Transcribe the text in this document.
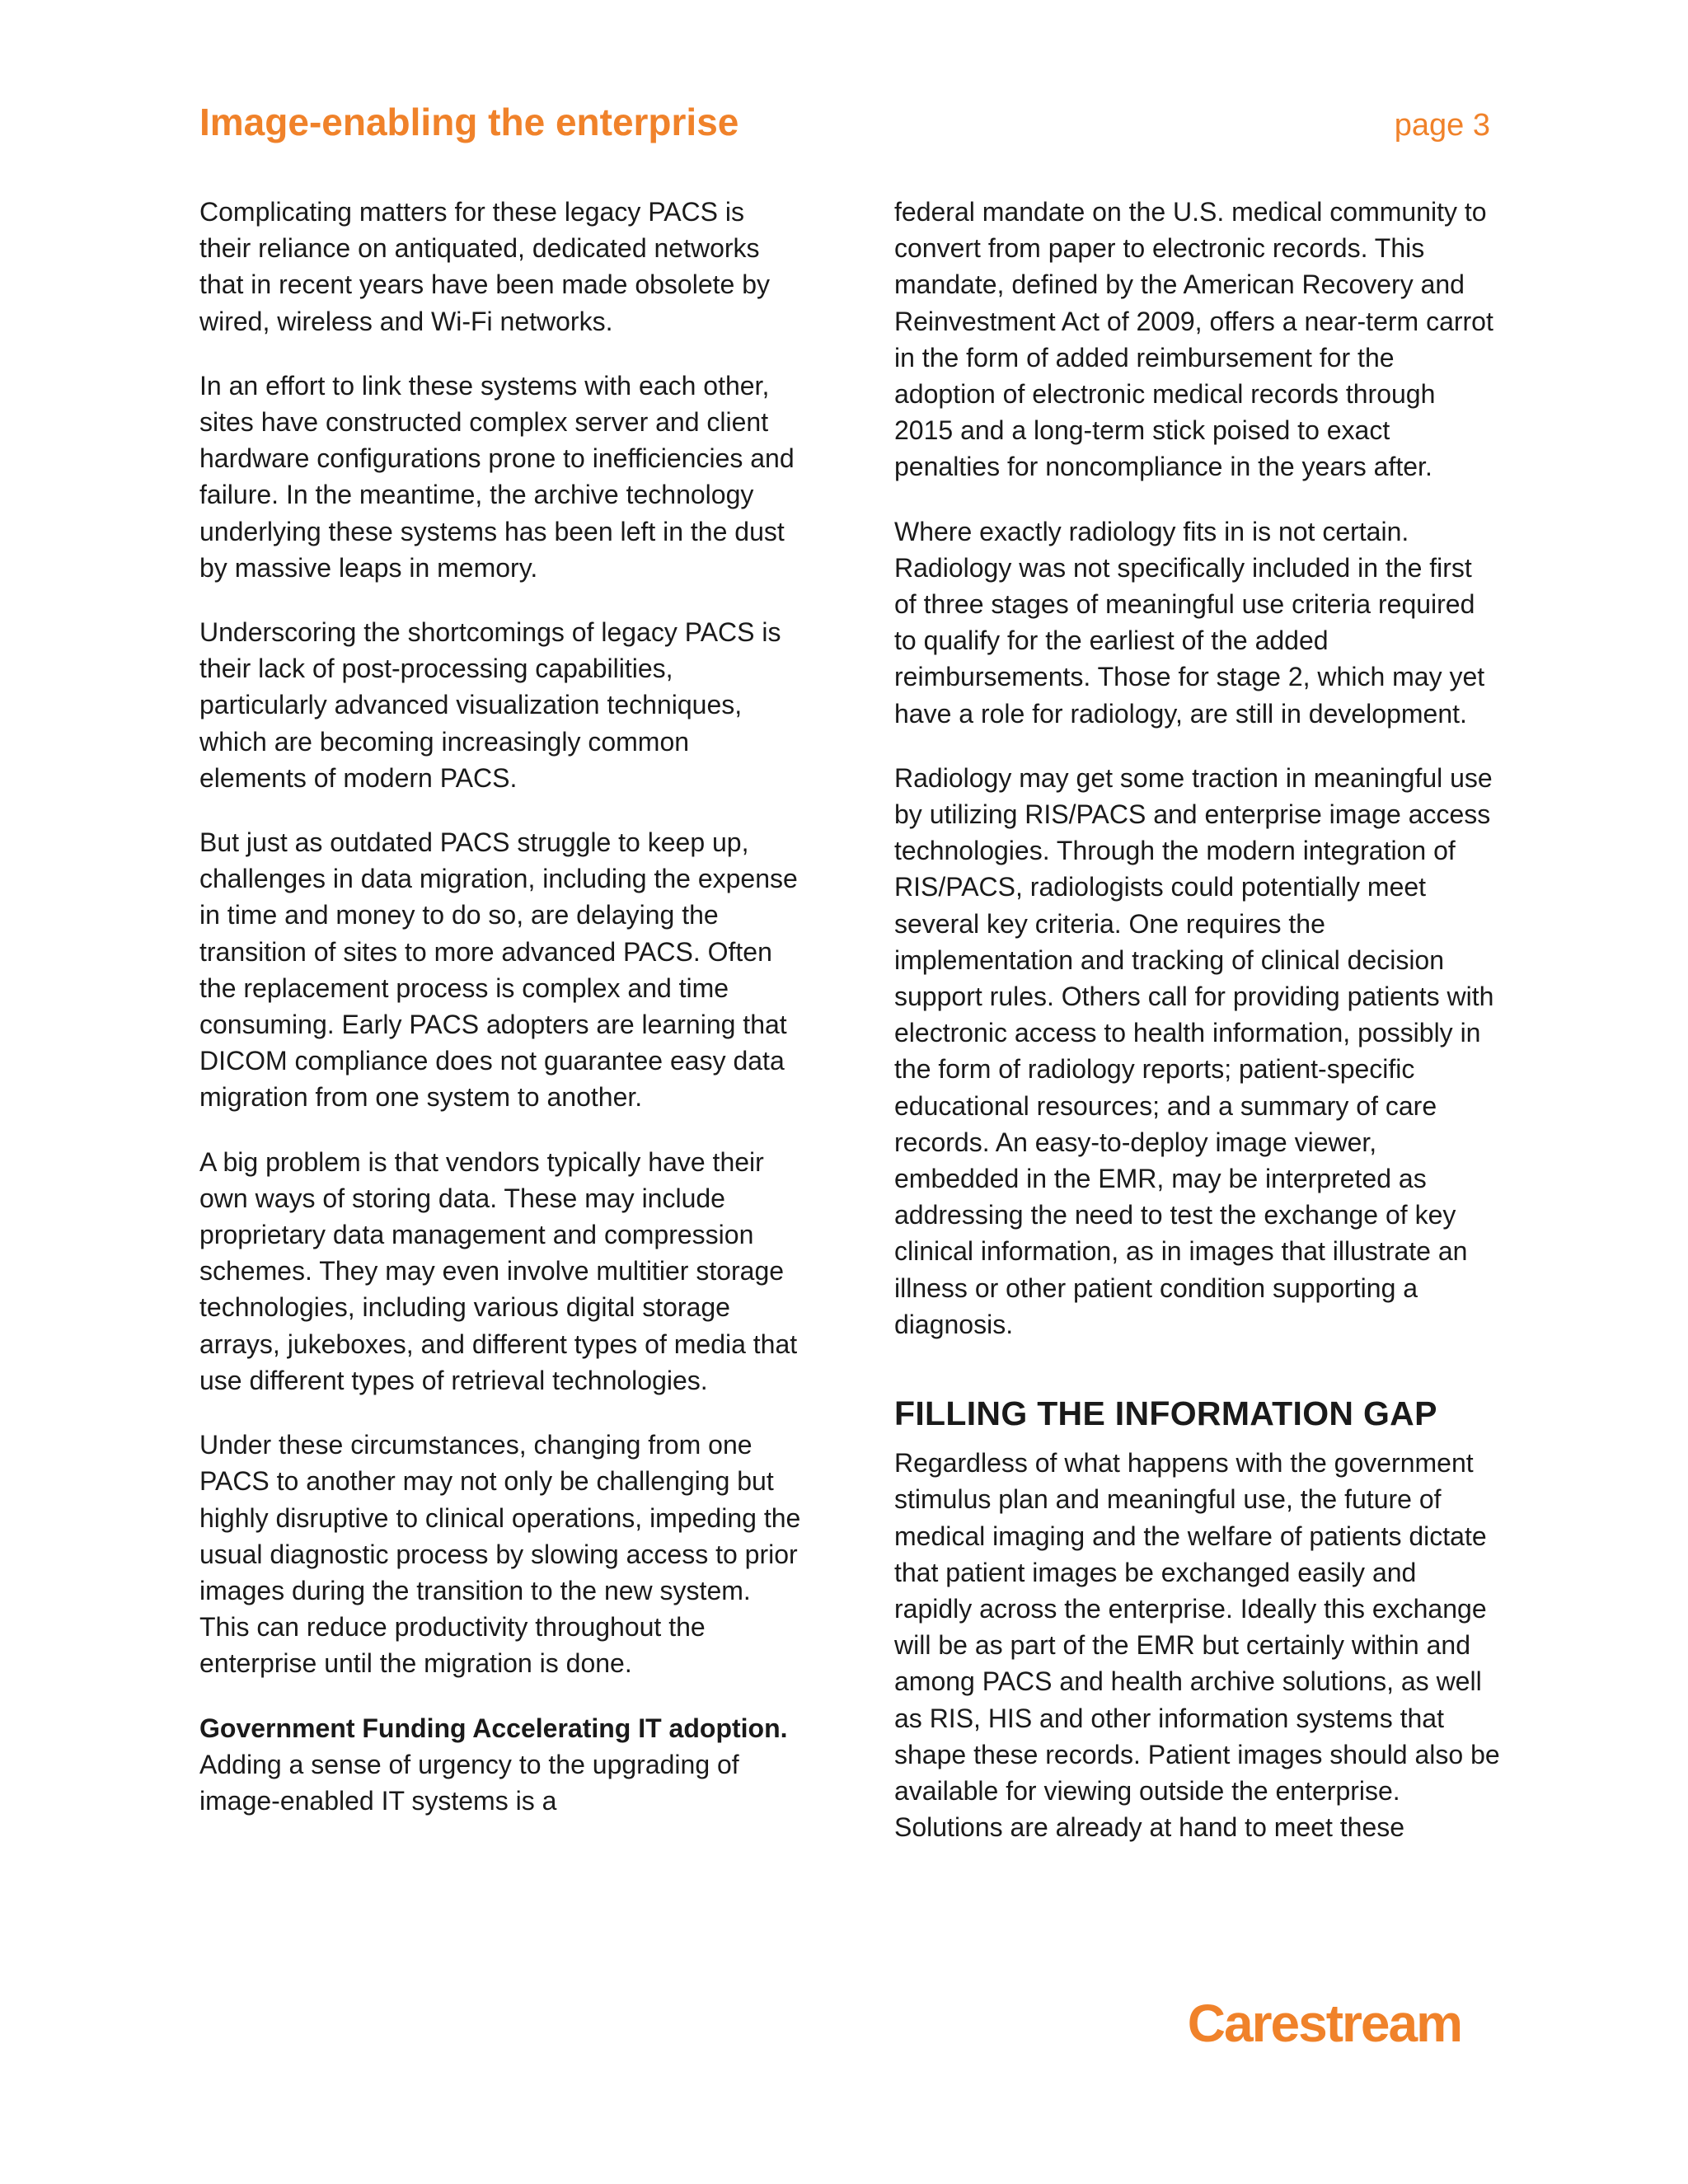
Image-enabling the enterprise	page 3

Complicating matters for these legacy PACS is their reliance on antiquated, dedicated networks that in recent years have been made obsolete by wired, wireless and Wi-Fi networks.

In an effort to link these systems with each other, sites have constructed complex server and client hardware configurations prone to inefficiencies and failure. In the meantime, the archive technology underlying these systems has been left in the dust by massive leaps in memory.

Underscoring the shortcomings of legacy PACS is their lack of post-processing capabilities, particularly advanced visualization techniques, which are becoming increasingly common elements of modern PACS.

But just as outdated PACS struggle to keep up, challenges in data migration, including the expense in time and money to do so, are delaying the transition of sites to more advanced PACS. Often the replacement process is complex and time consuming. Early PACS adopters are learning that DICOM compliance does not guarantee easy data migration from one system to another.

A big problem is that vendors typically have their own ways of storing data. These may include proprietary data management and compression schemes. They may even involve multitier storage technologies, including various digital storage arrays, jukeboxes, and different types of media that use different types of retrieval technologies.

Under these circumstances, changing from one PACS to another may not only be challenging but highly disruptive to clinical operations, impeding the usual diagnostic process by slowing access to prior images during the transition to the new system. This can reduce productivity throughout the enterprise until the migration is done.

Government Funding Accelerating IT adoption. Adding a sense of urgency to the upgrading of image-enabled IT systems is a

federal mandate on the U.S. medical community to convert from paper to electronic records. This mandate, defined by the American Recovery and Reinvestment Act of 2009, offers a near-term carrot in the form of added reimbursement for the adoption of electronic medical records through 2015 and a long-term stick poised to exact penalties for noncompliance in the years after.

Where exactly radiology fits in is not certain. Radiology was not specifically included in the first of three stages of meaningful use criteria required to qualify for the earliest of the added reimbursements. Those for stage 2, which may yet have a role for radiology, are still in development.

Radiology may get some traction in meaningful use by utilizing RIS/PACS and enterprise image access technologies. Through the modern integration of RIS/PACS, radiologists could potentially meet several key criteria. One requires the implementation and tracking of clinical decision support rules. Others call for providing patients with electronic access to health information, possibly in the form of radiology reports; patient-specific educational resources; and a summary of care records. An easy-to-deploy image viewer, embedded in the EMR, may be interpreted as addressing the need to test the exchange of key clinical information, as in images that illustrate an illness or other patient condition supporting a diagnosis.

FILLING THE INFORMATION GAP

Regardless of what happens with the government stimulus plan and meaningful use, the future of medical imaging and the welfare of patients dictate that patient images be exchanged easily and rapidly across the enterprise. Ideally this exchange will be as part of the EMR but certainly within and among PACS and health archive solutions, as well as RIS, HIS and other information systems that shape these records. Patient images should also be available for viewing outside the enterprise. Solutions are already at hand to meet these

Carestream
